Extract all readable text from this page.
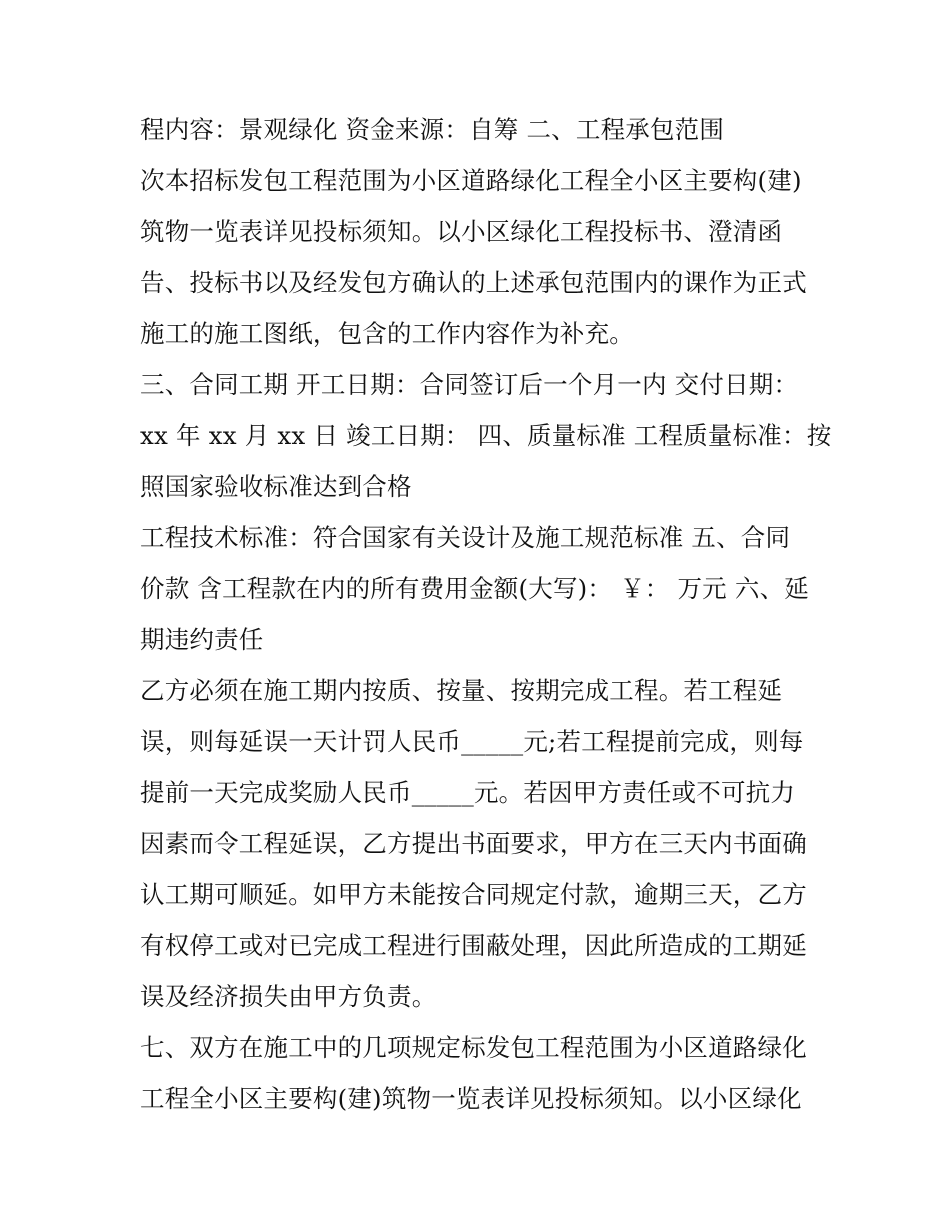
程内容：景观绿化 资金来源：自筹 二、工程承包范围
次本招标发包工程范围为小区道路绿化工程全小区主要构(建)
筑物一览表详见投标须知。以小区绿化工程投标书、澄清函
告、投标书以及经发包方确认的上述承包范围内的课作为正式
施工的施工图纸，包含的工作内容作为补充。
三、合同工期 开工日期：合同签订后一个月一内 交付日期：
xx 年 xx 月 xx 日 竣工日期： 四、质量标准 工程质量标准：按
照国家验收标准达到合格
工程技术标准：符合国家有关设计及施工规范标准 五、合同
价款 含工程款在内的所有费用金额(大写)： ￥： 万元 六、延
期违约责任
乙方必须在施工期内按质、按量、按期完成工程。若工程延
误，则每延误一天计罚人民币_____元;若工程提前完成，则每
提前一天完成奖励人民币_____元。若因甲方责任或不可抗力
因素而令工程延误，乙方提出书面要求，甲方在三天内书面确
认工期可顺延。如甲方未能按合同规定付款，逾期三天，乙方
有权停工或对已完成工程进行围蔽处理，因此所造成的工期延
误及经济损失由甲方负责。
七、双方在施工中的几项规定标发包工程范围为小区道路绿化
工程全小区主要构(建)筑物一览表详见投标须知。以小区绿化
